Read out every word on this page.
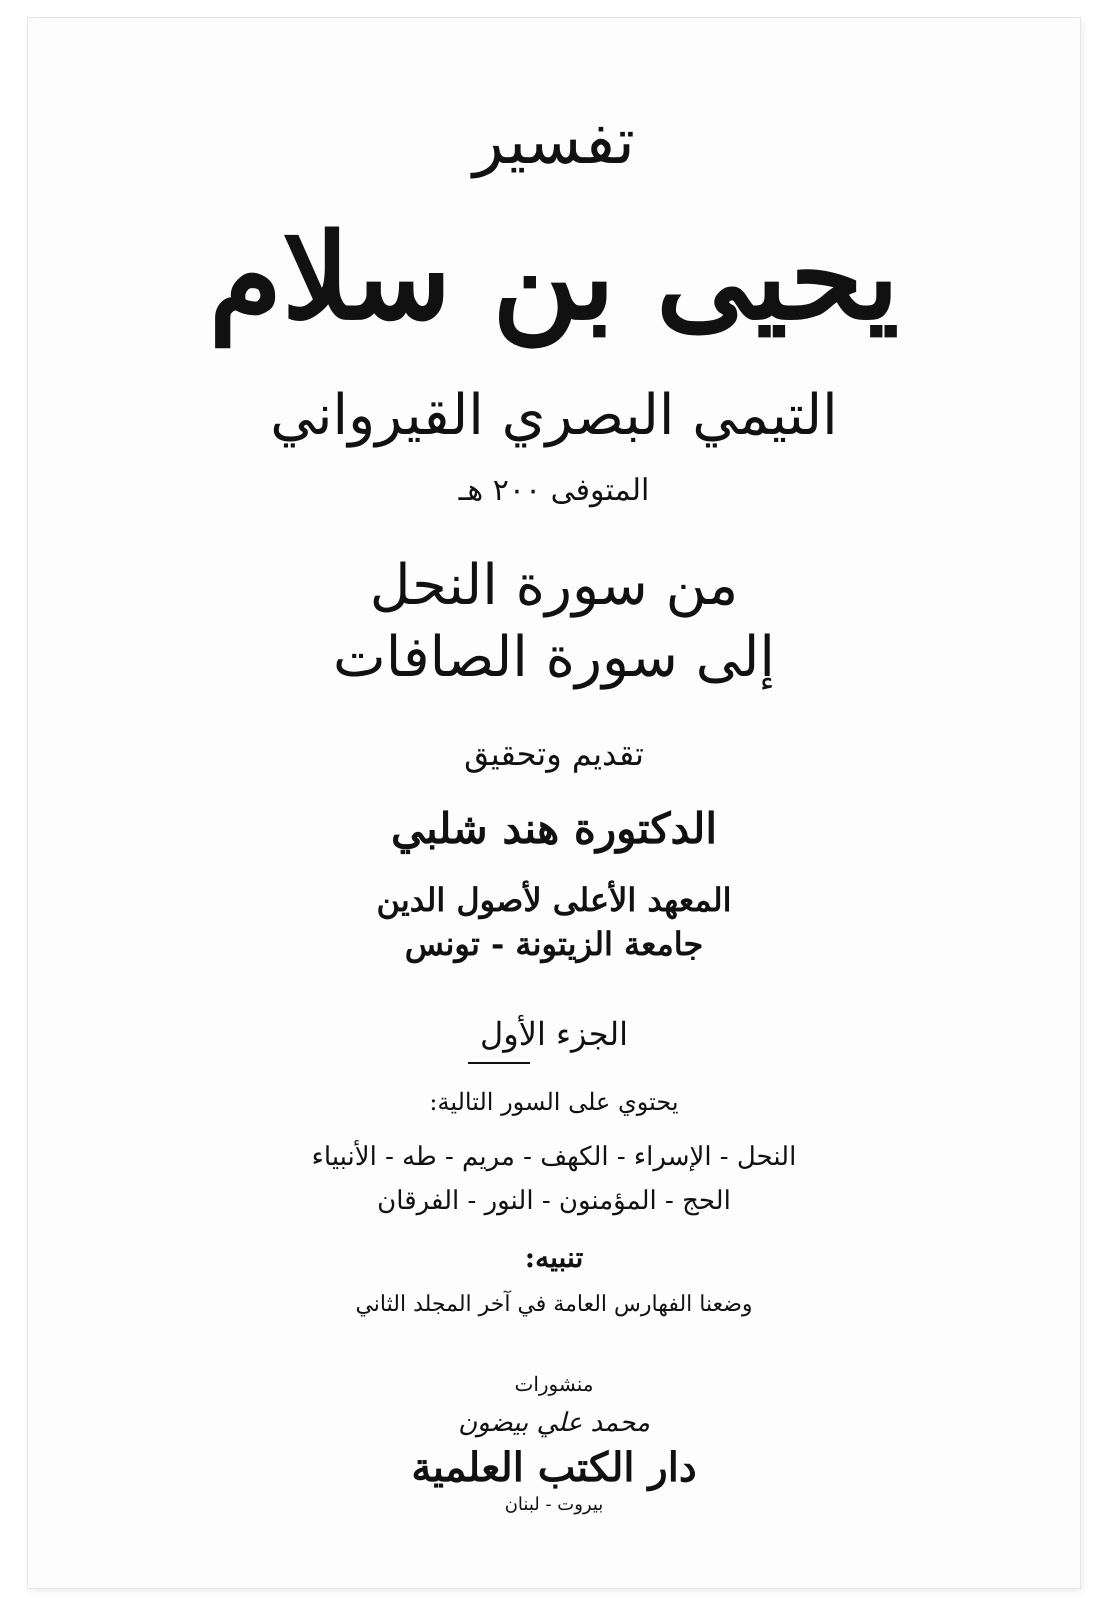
تفسير
يحيى بن سلام
التيمي البصري القيرواني
المتوفى ٢٠٠ هـ
من سورة النحل
إلى سورة الصافات
تقديم وتحقيق
الدكتورة هند شلبي
المعهد الأعلى لأصول الدين
جامعة الزيتونة - تونس
الجزء الأول
يحتوي على السور التالية:
النحل - الإسراء - الكهف - مريم - طه - الأنبياء
الحج - المؤمنون - النور - الفرقان
تنبيه:
وضعنا الفهارس العامة في آخر المجلد الثاني
منشورات
محمد علي بيضون
دار الكتب العلمية
بيروت - لبنان
